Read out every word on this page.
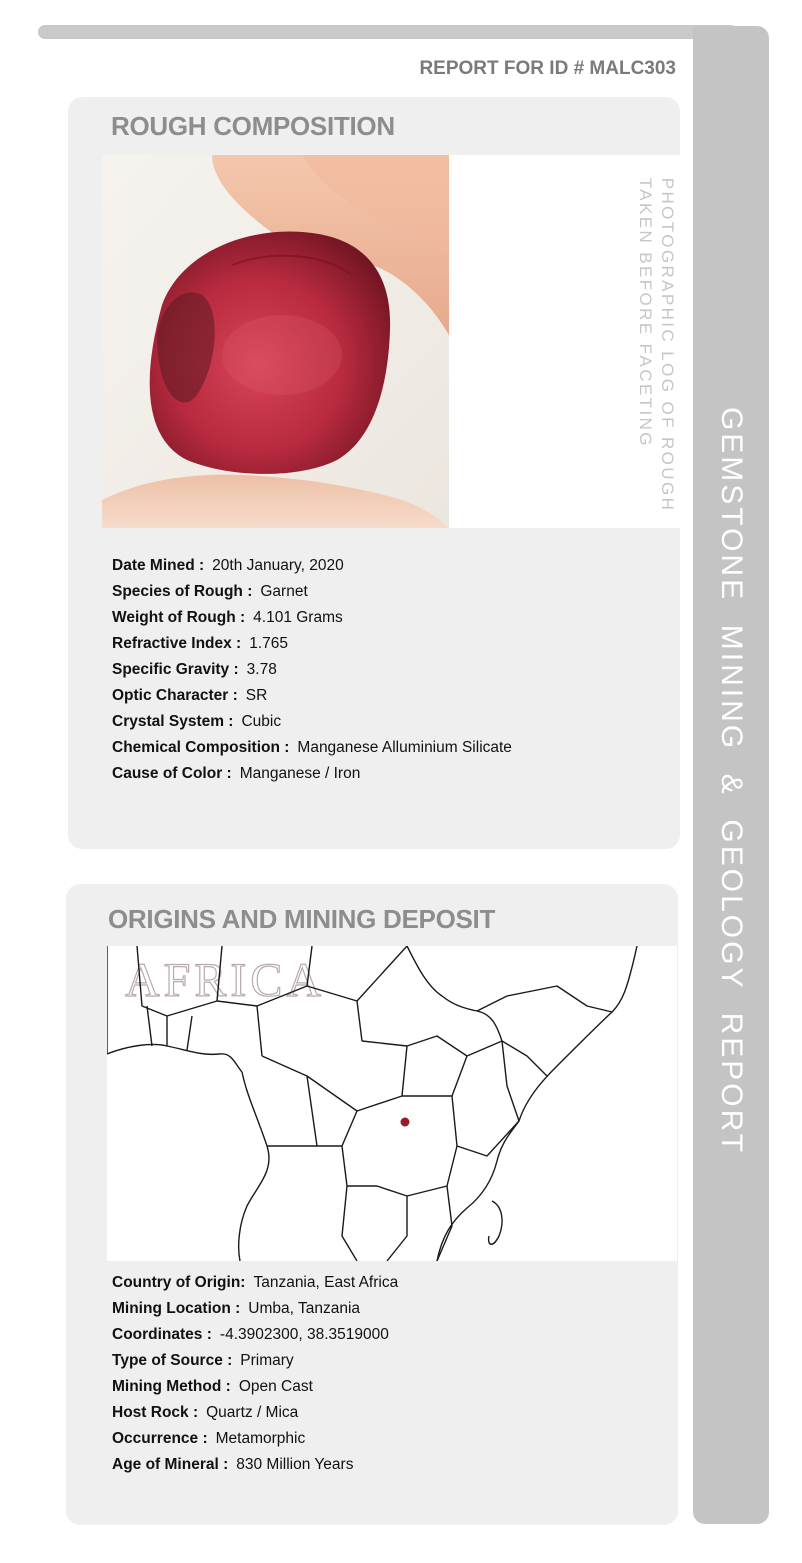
GEMSTONE  MINING  &  GEOLOGY  REPORT
REPORT FOR ID # MALC303
ROUGH COMPOSITION
PHOTOGRAPHIC LOG OF ROUGH
TAKEN BEFORE FACETING
Date Mined : 20th January, 2020
Species of Rough : Garnet
Weight of Rough : 4.101 Grams
Refractive Index : 1.765
Specific Gravity : 3.78
Optic Character : SR
Crystal System : Cubic
Chemical Composition : Manganese Alluminium Silicate
Cause of Color : Manganese / Iron
ORIGINS AND MINING DEPOSIT
AFRICA
Country of Origin: Tanzania, East Africa
Mining Location : Umba, Tanzania
Coordinates : -4.3902300, 38.3519000
Type of Source : Primary
Mining Method : Open Cast
Host Rock : Quartz / Mica
Occurrence : Metamorphic
Age of Mineral : 830 Million Years
